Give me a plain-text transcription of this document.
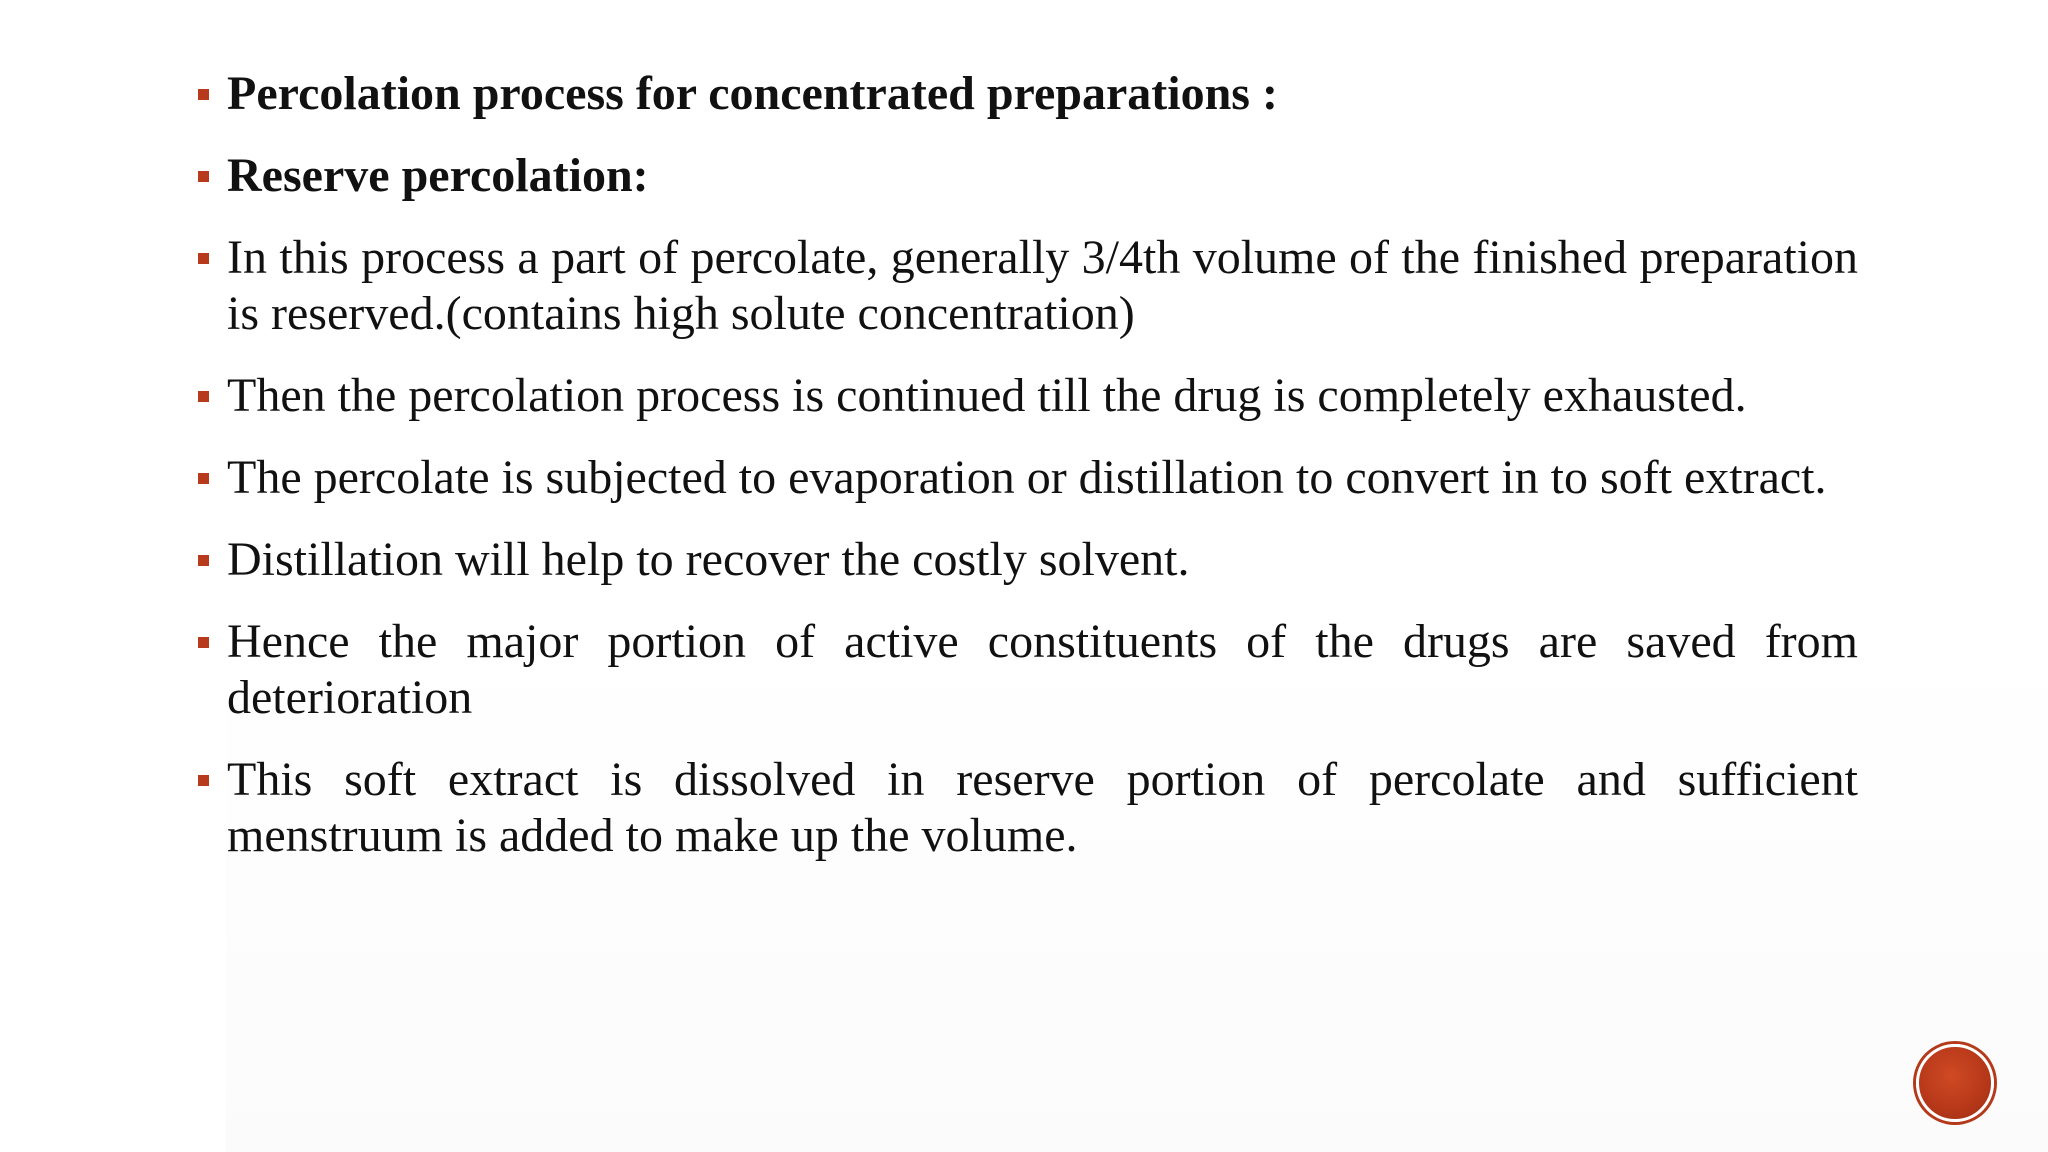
Percolation process for concentrated preparations :
Reserve percolation:
In this process a part of percolate, generally 3/4th volume of the finished preparation is reserved.(contains high solute concentration)
Then the percolation process is continued till the drug is completely exhausted.
The percolate is subjected to evaporation or distillation to convert in to soft extract.
Distillation will help to recover the costly solvent.
Hence the major portion of active constituents of the drugs are saved from deterioration
This soft extract is dissolved in reserve portion of percolate and sufficient menstruum is added to make up the volume.
